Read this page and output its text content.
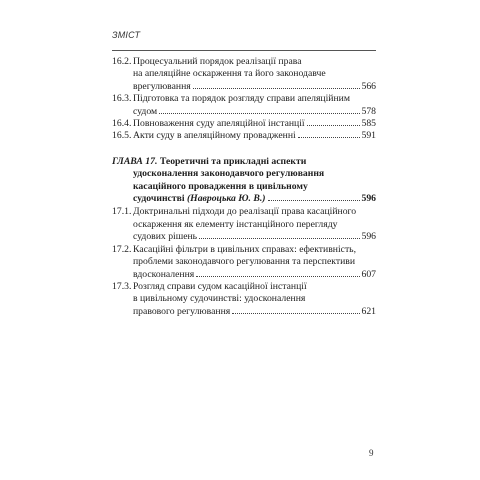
ЗМІСТ
16.2. Процесуальний порядок реалізації права
на апеляційне оскарження та його законодавче
врегулювання	566
16.3. Підготовка та порядок розгляду справи апеляційним
судом	578
16.4. Повноваження суду апеляційної інстанції	585
16.5. Акти суду в апеляційному провадженні	591
ГЛАВА 17. Теоретичні та прикладні аспекти
удосконалення законодавчого регулювання
касаційного провадження в цивільному
судочинстві (Навроцька Ю. В.)	596
17.1. Доктринальні підходи до реалізації права касаційного
оскарження як елементу інстанційного перегляду
судових рішень	596
17.2. Касаційні фільтри в цивільних справах: ефективність,
проблеми законодавчого регулювання та перспективи
вдосконалення	607
17.3. Розгляд справи судом касаційної інстанції
в цивільному судочинстві: удосконалення
правового регулювання	621
9
